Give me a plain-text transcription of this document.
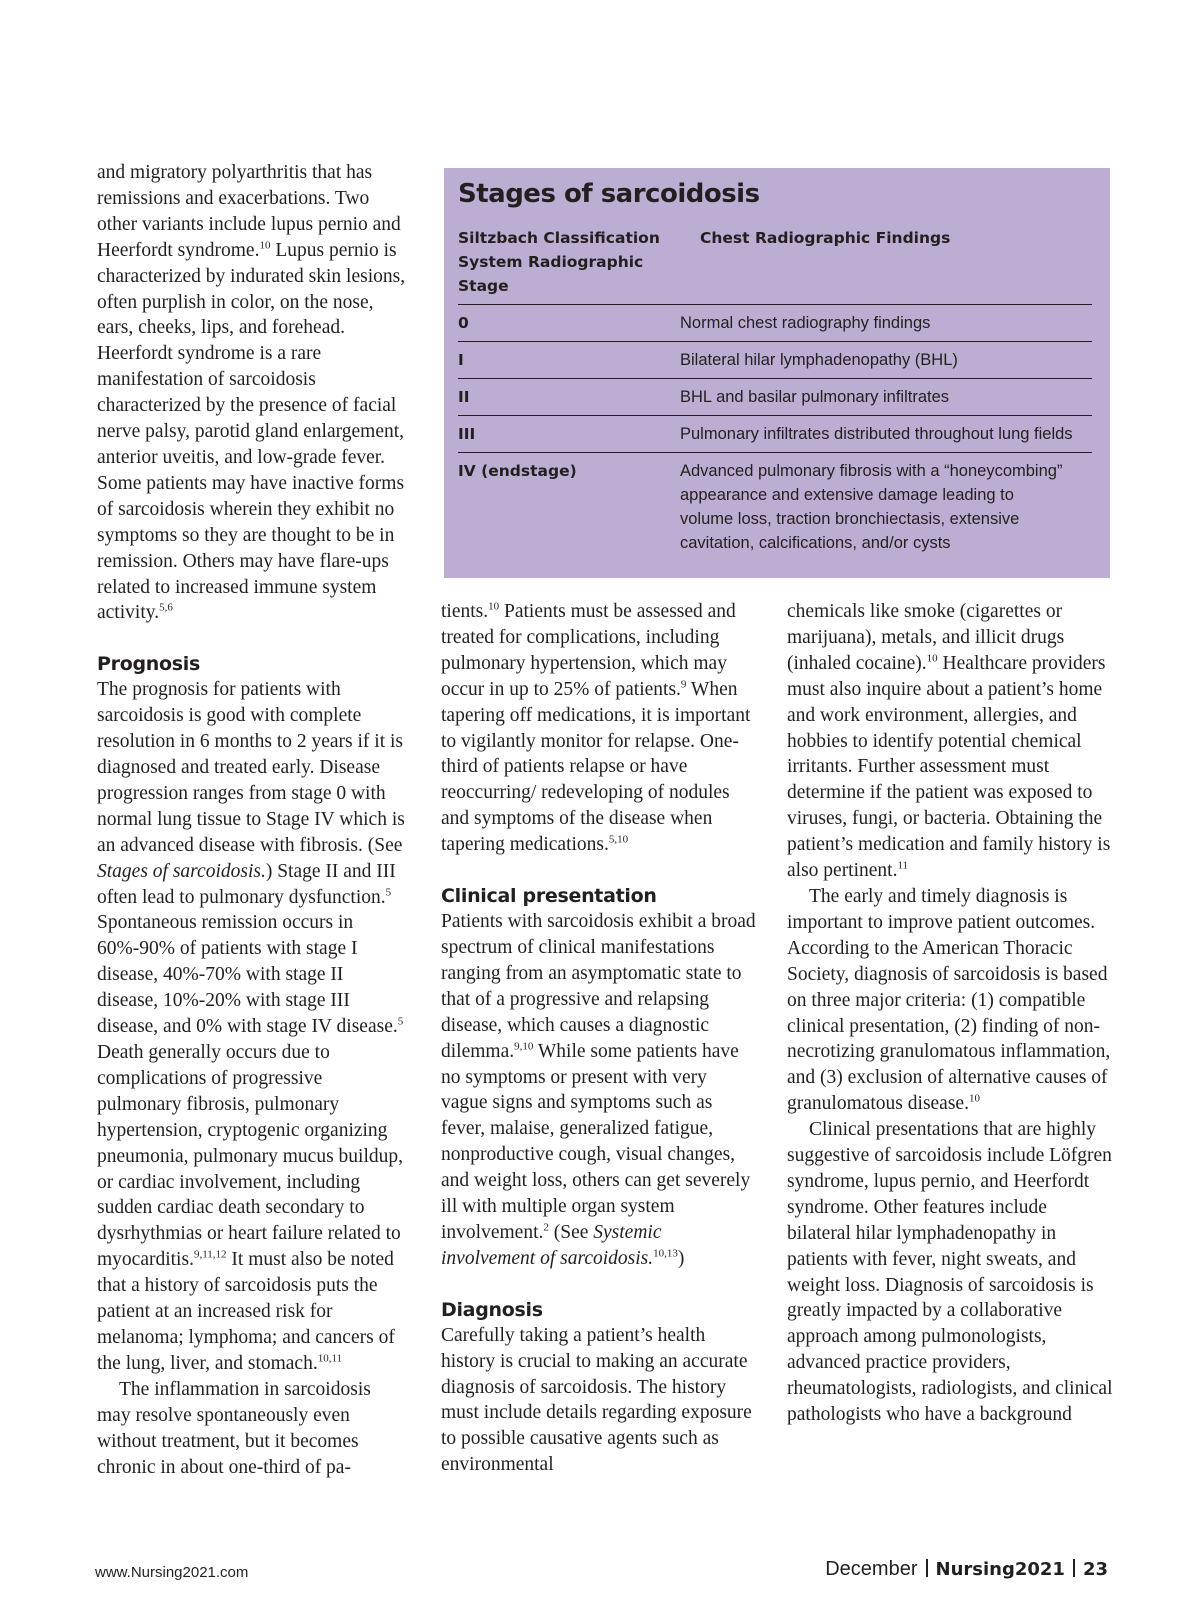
and migratory polyarthritis that has remissions and exacerbations. Two other variants include lupus pernio and Heerfordt syndrome.$^{10}$ Lupus pernio is characterized by indurated skin lesions, often purplish in color, on the nose, ears, cheeks, lips, and forehead. Heerfordt syndrome is a rare manifestation of sarcoidosis characterized by the presence of facial nerve palsy, parotid gland enlargement, anterior uveitis, and low-grade fever. Some patients may have inactive forms of sarcoidosis wherein they exhibit no symptoms so they are thought to be in remission. Others may have flare-ups related to increased immune system activity.$^{5,6}$

Prognosis

The prognosis for patients with sarcoidosis is good with complete resolution in 6 months to 2 years if it is diagnosed and treated early. Disease progression ranges from stage 0 with normal lung tissue to Stage IV which is an advanced disease with fibrosis. (See Stages of sarcoidosis.) Stage II and III often lead to pulmonary dysfunction.$^5$ Spontaneous remission occurs in 60%-90% of patients with stage I disease, 40%-70% with stage II disease, 10%-20% with stage III disease, and 0% with stage IV disease.$^5$ Death generally occurs due to complications of progressive pulmonary fibrosis, pulmonary hypertension, cryptogenic organizing pneumonia, pulmonary mucus buildup, or cardiac involvement, including sudden cardiac death secondary to dysrhythmias or heart failure related to myocarditis.$^{9,11,12}$ It must also be noted that a history of sarcoidosis puts the patient at an increased risk for melanoma; lymphoma; and cancers of the lung, liver, and stomach.$^{10,11}$

The inflammation in sarcoidosis may resolve spontaneously even without treatment, but it becomes chronic in about one-third of pa-

Stages of sarcoidosis
Siltzbach Classification System Radiographic Stage
Chest Radiographic Findings
0	Normal chest radiography findings
I	Bilateral hilar lymphadenopathy (BHL)
II	BHL and basilar pulmonary infiltrates
III	Pulmonary infiltrates distributed throughout lung fields
IV (endstage)	Advanced pulmonary fibrosis with a “honeycombing” appearance and extensive damage leading to volume loss, traction bronchiectasis, extensive cavitation, calcifications, and/or cysts

tients.$^{10}$ Patients must be assessed and treated for complications, including pulmonary hypertension, which may occur in up to 25% of patients.$^9$ When tapering off medications, it is important to vigilantly monitor for relapse. One-third of patients relapse or have reoccurring/ redeveloping of nodules and symptoms of the disease when tapering medications.$^{5,10}$

Clinical presentation

Patients with sarcoidosis exhibit a broad spectrum of clinical manifestations ranging from an asymptomatic state to that of a progressive and relapsing disease, which causes a diagnostic dilemma.$^{9,10}$ While some patients have no symptoms or present with very vague signs and symptoms such as fever, malaise, generalized fatigue, nonproductive cough, visual changes, and weight loss, others can get severely ill with multiple organ system involvement.$^2$ (See Systemic involvement of sarcoidosis.$^{10,13}$)

Diagnosis

Carefully taking a patient’s health history is crucial to making an accurate diagnosis of sarcoidosis. The history must include details regarding exposure to possible causative agents such as environmental

chemicals like smoke (cigarettes or marijuana), metals, and illicit drugs (inhaled cocaine).$^{10}$ Healthcare providers must also inquire about a patient’s home and work environment, allergies, and hobbies to identify potential chemical irritants. Further assessment must determine if the patient was exposed to viruses, fungi, or bacteria. Obtaining the patient’s medication and family history is also pertinent.$^{11}$

The early and timely diagnosis is important to improve patient outcomes. According to the American Thoracic Society, diagnosis of sarcoidosis is based on three major criteria: (1) compatible clinical presentation, (2) finding of non-necrotizing granulomatous inflammation, and (3) exclusion of alternative causes of granulomatous disease.$^{10}$

Clinical presentations that are highly suggestive of sarcoidosis include Löfgren syndrome, lupus pernio, and Heerfordt syndrome. Other features include bilateral hilar lymphadenopathy in patients with fever, night sweats, and weight loss. Diagnosis of sarcoidosis is greatly impacted by a collaborative approach among pulmonologists, advanced practice providers, rheumatologists, radiologists, and clinical pathologists who have a background

www.Nursing2021.com	December Nursing2021 23
